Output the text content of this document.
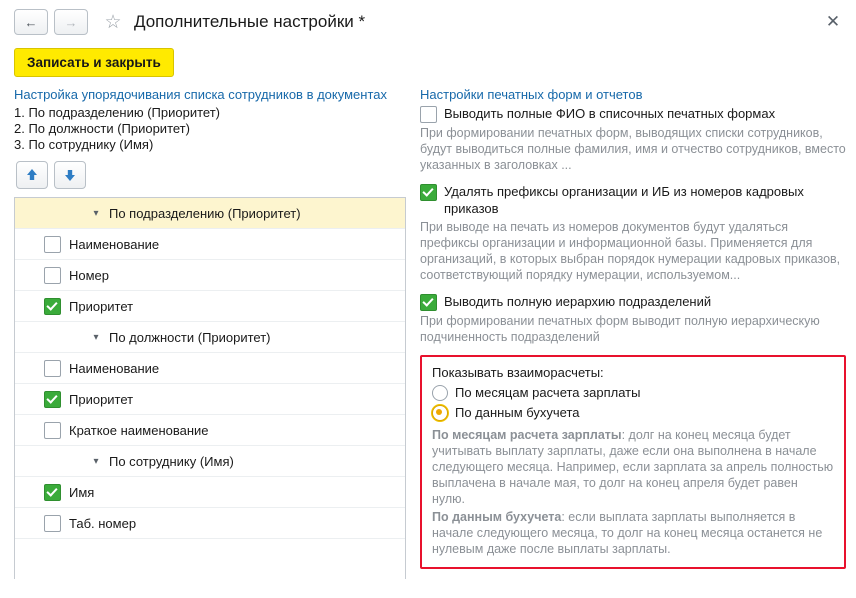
← → ☆ Дополнительные настройки *	✕
Записать и закрыть
Настройка упорядочивания списка сотрудников в документах
1. По подразделению (Приоритет)
2. По должности (Приоритет)
3. По сотруднику (Имя)
▾ По подразделению (Приоритет)
Наименование
Номер
Приоритет
▾ По должности (Приоритет)
Наименование
Приоритет
Краткое наименование
▾ По сотруднику (Имя)
Имя
Таб. номер
Настройки печатных форм и отчетов
Выводить полные ФИО в списочных печатных формах
При формировании печатных форм, выводящих списки сотрудников, будут выводиться полные фамилия, имя и отчество сотрудников, вместо указанных в заголовках ...
Удалять префиксы организации и ИБ из номеров кадровых приказов
При выводе на печать из номеров документов будут удаляться префиксы организации и информационной базы. Применяется для организаций, в которых выбран порядок нумерации кадровых приказов, соответствующий порядку нумерации, используемом...
Выводить полную иерархию подразделений
При формировании печатных форм выводит полную иерархическую подчиненность подразделений
Показывать взаиморасчеты:
По месяцам расчета зарплаты
По данным бухучета
По месяцам расчета зарплаты: долг на конец месяца будет учитывать выплату зарплаты, даже если она выполнена в начале следующего месяца. Например, если зарплата за апрель полностью выплачена в начале мая, то долг на конец апреля будет равен нулю.
По данным бухучета: если выплата зарплаты выполняется в начале следующего месяца, то долг на конец месяца останется не нулевым даже после выплаты зарплаты.
